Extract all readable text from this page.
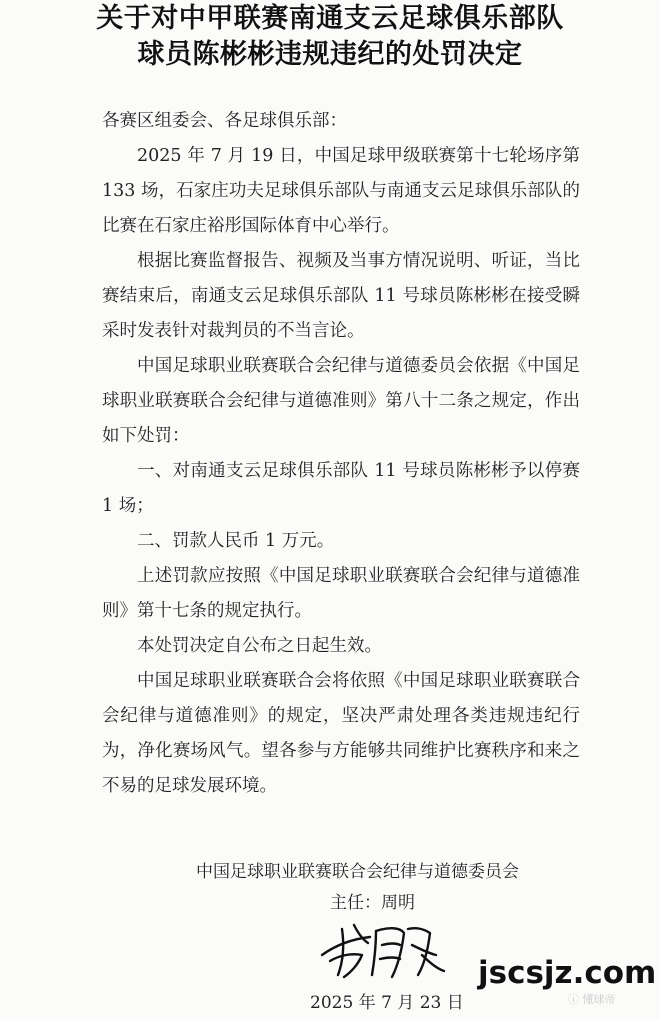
关于对中甲联赛南通支云足球俱乐部队
球员陈彬彬违规违纪的处罚决定

各赛区组委会、各足球俱乐部：

2025 年 7 月 19 日，中国足球甲级联赛第十七轮场序第 133 场，石家庄功夫足球俱乐部队与南通支云足球俱乐部队的比赛在石家庄裕彤国际体育中心举行。

根据比赛监督报告、视频及当事方情况说明、听证，当比赛结束后，南通支云足球俱乐部队 11 号球员陈彬彬在接受瞬采时发表针对裁判员的不当言论。

中国足球职业联赛联合会纪律与道德委员会依据《中国足球职业联赛联合会纪律与道德准则》第八十二条之规定，作出如下处罚：

一、对南通支云足球俱乐部队 11 号球员陈彬彬予以停赛 1 场；

二、罚款人民币 1 万元。

上述罚款应按照《中国足球职业联赛联合会纪律与道德准则》第十七条的规定执行。

本处罚决定自公布之日起生效。

中国足球职业联赛联合会将依照《中国足球职业联赛联合会纪律与道德准则》的规定，坚决严肃处理各类违规违纪行为，净化赛场风气。望各参与方能够共同维护比赛秩序和来之不易的足球发展环境。

中国足球职业联赛联合会纪律与道德委员会
主任：周明
2025 年 7 月 23 日
jscsjz.com
ⓘ 懂球帝
